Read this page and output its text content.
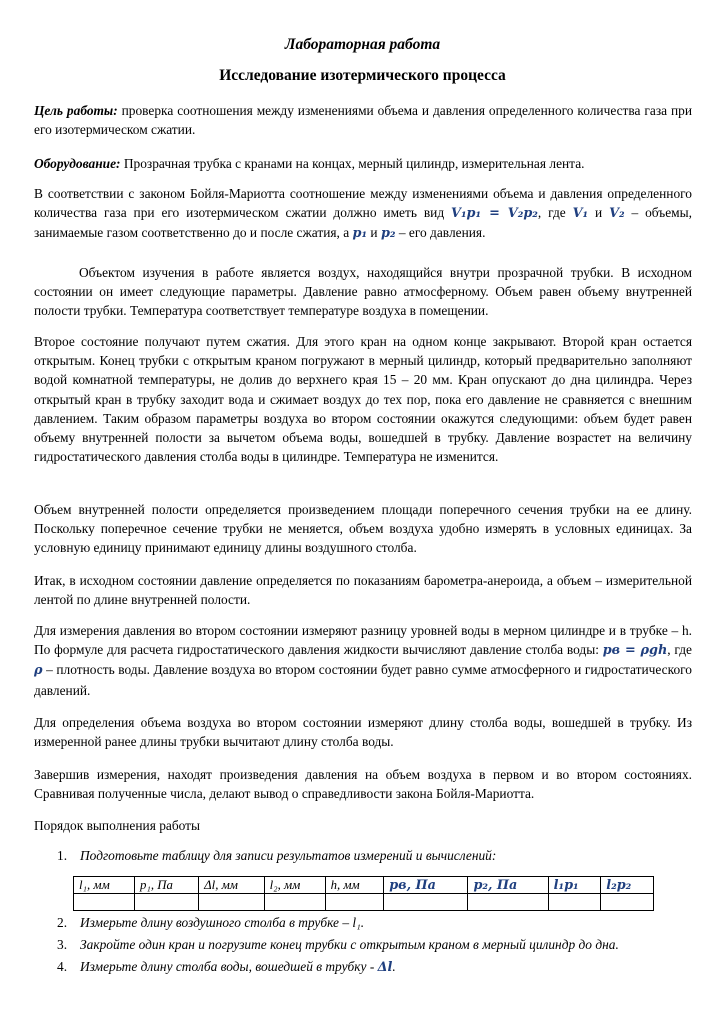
Лабораторная работа
Исследование изотермического процесса
Цель работы: проверка соотношения между изменениями объема и давления определенного количества газа при его изотермическом сжатии.
Оборудование: Прозрачная трубка с кранами на концах, мерный цилиндр, измерительная лента.
В соответствии с законом Бойля-Мариотта соотношение между изменениями объема и давления определенного количества газа при его изотермическом сжатии должно иметь вид V₁p₁ = V₂p₂, где V₁ и V₂ – объемы, занимаемые газом соответственно до и после сжатия, а p₁ и p₂ – его давления.
Объектом изучения в работе является воздух, находящийся внутри прозрачной трубки. В исходном состоянии он имеет следующие параметры. Давление равно атмосферному. Объем равен объему внутренней полости трубки. Температура соответствует температуре воздуха в помещении.
Второе состояние получают путем сжатия. Для этого кран на одном конце закрывают. Второй кран остается открытым. Конец трубки с открытым краном погружают в мерный цилиндр, который предварительно заполняют водой комнатной температуры, не долив до верхнего края 15 – 20 мм. Кран опускают до дна цилиндра. Через открытый кран в трубку заходит вода и сжимает воздух до тех пор, пока его давление не сравняется с внешним давлением. Таким образом параметры воздуха во втором состоянии окажутся следующими: объем будет равен объему внутренней полости за вычетом объема воды, вошедшей в трубку. Давление возрастет на величину гидростатического давления столба воды в цилиндре. Температура не изменится.
Объем внутренней полости определяется произведением площади поперечного сечения трубки на ее длину. Поскольку поперечное сечение трубки не меняется, объем воздуха удобно измерять в условных единицах. За условную единицу принимают единицу длины воздушного столба.
Итак, в исходном состоянии давление определяется по показаниям барометра-анероида, а объем – измерительной лентой по длине внутренней полости.
Для измерения давления во втором состоянии измеряют разницу уровней воды в мерном цилиндре и в трубке – h. По формуле для расчета гидростатического давления жидкости вычисляют давление столба воды: pв = ρgh, где ρ – плотность воды. Давление воздуха во втором состоянии будет равно сумме атмосферного и гидростатического давлений.
Для определения объема воздуха во втором состоянии измеряют длину столба воды, вошедшей в трубку. Из измеренной ранее длины трубки вычитают длину столба воды.
Завершив измерения, находят произведения давления на объем воздуха в первом и во втором состояниях. Сравнивая полученные числа, делают вывод о справедливости закона Бойля-Мариотта.
Порядок выполнения работы
1. Подготовьте таблицу для записи результатов измерений и вычислений:
2. Измерьте длину воздушного столба в трубке – l₁.
3. Закройте один кран и погрузите конец трубки с открытым краном в мерный цилиндр до дна.
4. Измерьте длину столба воды, вошедшей в трубку - Δl.
l₁, мм	p₁, Па	Δl, мм	l₂, мм	h, мм	pв, Па	p₂, Па	l₁p₁	l₂p₂
